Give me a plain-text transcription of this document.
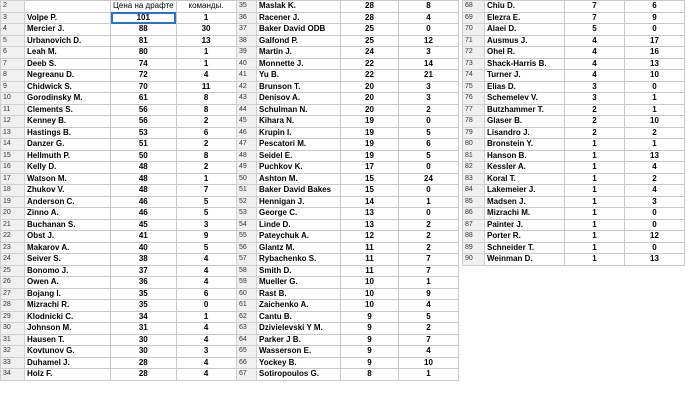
2		Цена на драфте	команды.
3	Volpe P.	101	1
4	Mercier J.	88	30
5	Urbanovich D.	81	13
6	Leah M.	80	1
7	Deeb S.	74	1
8	Negreanu D.	72	4
9	Chidwick S.	70	11
10	Gorodinsky M.	61	8
11	Clements S.	56	8
12	Kenney B.	56	2
13	Hastings B.	53	6
14	Danzer G.	51	2
15	Hellmuth P.	50	8
16	Kelly D.	48	2
17	Watson M.	48	1
18	Zhukov V.	48	7
19	Anderson C.	46	5
20	Zinno A.	46	5
21	Buchanan S.	45	3
22	Obst J.	41	9
23	Makarov A.	40	5
24	Seiver S.	38	4
25	Bonomo J.	37	4
26	Owen A.	36	4
27	Bojang I.	35	6
28	Mizrachi R.	35	0
29	Klodnicki C.	34	1
30	Johnson M.	31	4
31	Hausen T.	30	4
32	Kovtunov G.	30	3
33	Duhamel J.	28	4
34	Holz F.	28	4
35	Maslak K.	28	8
36	Racener J.	28	4
37	Baker David ODB	25	0
38	Galfond P.	25	12
39	Martin J.	24	3
40	Monnette J.	22	14
41	Yu B.	22	21
42	Brunson T.	20	3
43	Denisov A.	20	3
44	Schulman N.	20	2
45	Kihara N.	19	0
46	Krupin I.	19	5
47	Pescatori M.	19	6
48	Seidel E.	19	5
49	Puchkov K.	17	0
50	Ashton M.	15	24
51	Baker David Bakes	15	0
52	Hennigan J.	14	1
53	George C.	13	0
54	Linde D.	13	2
55	Pateychuk A.	12	2
56	Glantz M.	11	2
57	Rybachenko S.	11	7
58	Smith D.	11	7
59	Mueller G.	10	1
60	Rast B.	10	9
61	Zaichenko A.	10	4
62	Cantu B.	9	5
63	Dzivielevski Y M.	9	2
64	Parker J B.	9	7
65	Wasserson E.	9	4
66	Yockey B.	9	10
67	Sotiropoulos G.	8	1
68	Chiu D.	7	6
69	Elezra E.	7	9
70	Alaei D.	5	0
71	Ausmus J.	4	17
72	Ohel R.	4	16
73	Shack-Harris B.	4	13
74	Turner J.	4	10
75	Elias D.	3	0
76	Schemelev V.	3	1
77	Butzhammer T.	2	1
78	Glaser B.	2	10
79	Lisandro J.	2	2
80	Bronstein Y.	1	1
81	Hanson B.	1	13
82	Kessler A.	1	4
83	Koral T.	1	2
84	Lakemeier J.	1	4
85	Madsen J.	1	3
86	Mizrachi M.	1	0
87	Painter J.	1	0
88	Porter R.	1	12
89	Schneider T.	1	0
90	Weinman D.	1	13
